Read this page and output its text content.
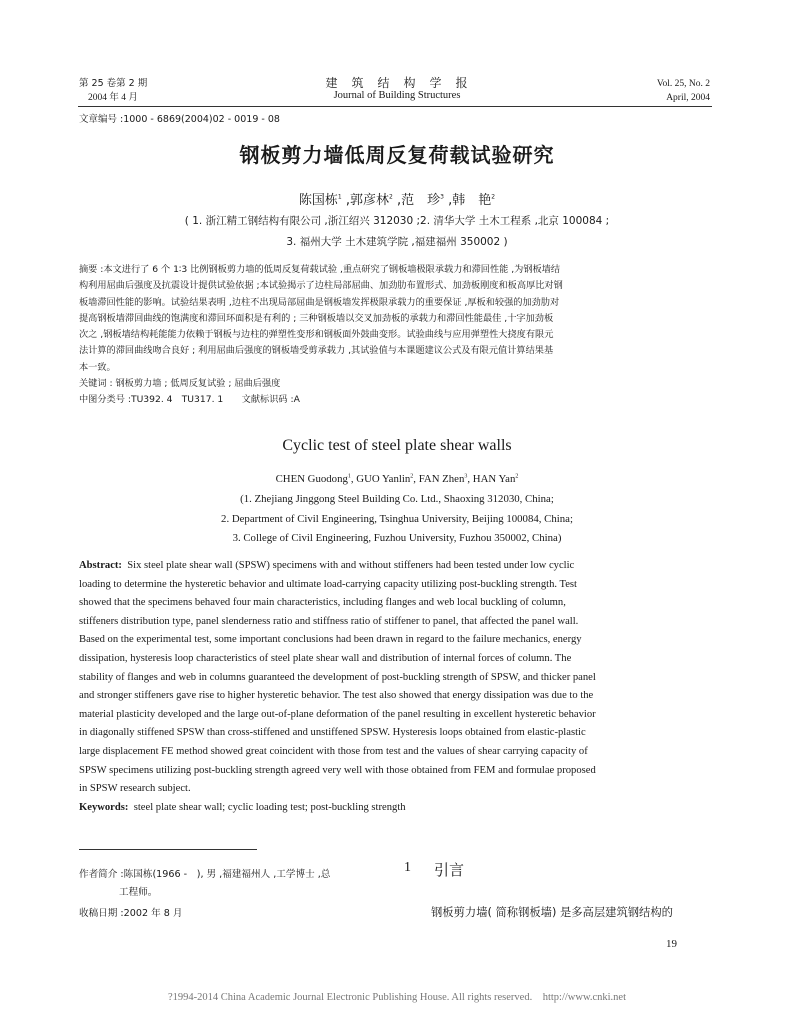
第 25 卷第 2 期
2004 年 4 月
建　筑　结　构　学　报
Journal of Building Structures
Vol. 25, No. 2
April, 2004
文章编号 :1000 - 6869(2004)02 - 0019 - 08
钢板剪力墙低周反复荷载试验研究
陈国栋$^1$ ,郭彦林$^2$ ,范　珍$^3$ ,韩　艳$^2$
( 1. 浙江精工钢结构有限公司 ,浙江绍兴 312030 ;2. 清华大学 土木工程系 ,北京 100084 ;
3. 福州大学 土木建筑学院 ,福建福州 350002 )
摘要 :本文进行了 6 个 1∶3 比例钢板剪力墙的低周反复荷载试验 ,重点研究了钢板墙极限承载力和滞回性能 ,为钢板墙结
构利用屈曲后强度及抗震设计提供试验依据 ;本试验揭示了边柱局部屈曲、加劲肋布置形式、加劲板刚度和板高厚比对钢
板墙滞回性能的影响。试验结果表明 ,边柱不出现局部屈曲是钢板墙发挥极限承载力的重要保证 ,厚板和较强的加劲肋对
提高钢板墙滞回曲线的饱满度和滞回环面积是有利的 ; 三种钢板墙以交叉加劲板的承载力和滞回性能最佳 ,十字加劲板
次之 ,钢板墙结构耗能能力依赖于钢板与边柱的弹塑性变形和钢板面外鼓曲变形。试验曲线与应用弹塑性大挠度有限元
法计算的滞回曲线吻合良好 ; 利用屈曲后强度的钢板墙受剪承载力 ,其试验值与本课题建议公式及有限元值计算结果基
本一致。
关键词 : 钢板剪力墙 ; 低周反复试验 ; 屈曲后强度
中图分类号 :TU392. 4　TU317. 1　　文献标识码 :A
Cyclic test of steel plate shear walls
CHEN Guodong$^1$, GUO Yanlin$^2$, FAN Zhen$^3$, HAN Yan$^2$
(1. Zhejiang Jinggong Steel Building Co. Ltd., Shaoxing 312030, China;
2. Department of Civil Engineering, Tsinghua University, Beijing 100084, China;
3. College of Civil Engineering, Fuzhou University, Fuzhou 350002, China)
Abstract: Six steel plate shear wall (SPSW) specimens with and without stiffeners had been tested under low cyclic
loading to determine the hysteretic behavior and ultimate load-carrying capacity utilizing post-buckling strength. Test
showed that the specimens behaved four main characteristics, including flanges and web local buckling of column,
stiffeners distribution type, panel slenderness ratio and stiffness ratio of stiffener to panel, that affected the panel wall.
Based on the experimental test, some important conclusions had been drawn in regard to the failure mechanics, energy
dissipation, hysteresis loop characteristics of steel plate shear wall and distribution of internal forces of column. The
stability of flanges and web in columns guaranteed the development of post-buckling strength of SPSW, and thicker panel
and stronger stiffeners gave rise to higher hysteretic behavior. The test also showed that energy dissipation was due to the
material plasticity developed and the large out-of-plane deformation of the panel resulting in excellent hysteretic behavior
in diagonally stiffened SPSW than cross-stiffened and unstiffened SPSW. Hysteresis loops obtained from elastic-plastic
large displacement FE method showed great coincident with those from test and the values of shear carrying capacity of
SPSW specimens utilizing post-buckling strength agreed very well with those obtained from FEM and formulae proposed
in SPSW research subject.
Keywords: steel plate shear wall; cyclic loading test; post-buckling strength
作者简介 :陈国栋(1966 -　), 男 ,福建福州人 ,工学博士 ,总
工程师。
收稿日期 :2002 年 8 月
1 引言
钢板剪力墙( 简称钢板墙) 是多高层建筑钢结构的
19
?1994-2014 China Academic Journal Electronic Publishing House. All rights reserved.　http://www.cnki.net
